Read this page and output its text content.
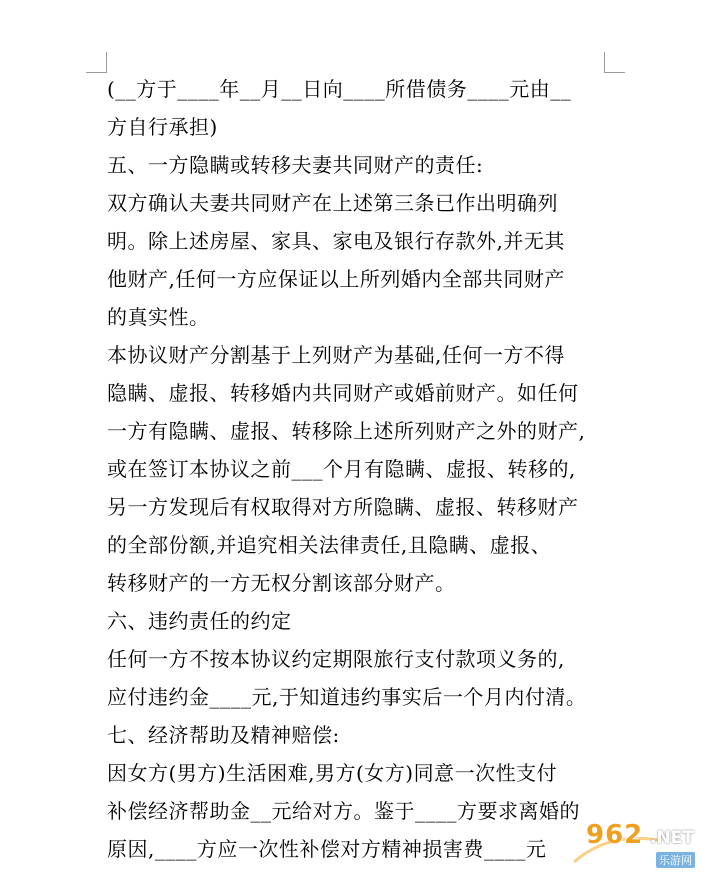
(__方于____年__月__日向____所借债务____元由__
方自行承担)
五、一方隐瞒或转移夫妻共同财产的责任:
双方确认夫妻共同财产在上述第三条已作出明确列
明。除上述房屋、家具、家电及银行存款外,并无其
他财产,任何一方应保证以上所列婚内全部共同财产
的真实性。
本协议财产分割基于上列财产为基础,任何一方不得
隐瞒、虚报、转移婚内共同财产或婚前财产。如任何
一方有隐瞒、虚报、转移除上述所列财产之外的财产,
或在签订本协议之前___个月有隐瞒、虚报、转移的,
另一方发现后有权取得对方所隐瞒、虚报、转移财产
的全部份额,并追究相关法律责任,且隐瞒、虚报、
转移财产的一方无权分割该部分财产。
六、违约责任的约定
任何一方不按本协议约定期限旅行支付款项义务的,
应付违约金____元,于知道违约事实后一个月内付清。
七、经济帮助及精神赔偿:
因女方(男方)生活困难,男方(女方)同意一次性支付
补偿经济帮助金__元给对方。鉴于____方要求离婚的
原因,____方应一次性补偿对方精神损害费____元	962 .NET
乐游网
